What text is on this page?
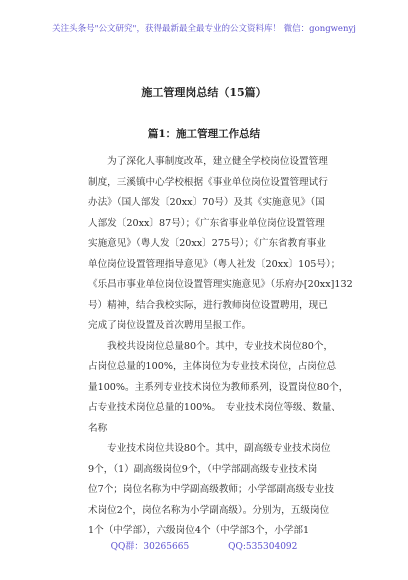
关注头条号"公文研究"，获得最新最全最专业的公文资料库！ 微信：gongwenyj
施工管理岗总结（15篇）
篇1：施工管理工作总结
　　为了深化人事制度改革，建立健全学校岗位设置管理
制度，三溪镇中心学校根据《事业单位岗位设置管理试行
办法》（国人部发〔20xx〕70号）及其《实施意见》（国
人部发〔20xx〕87号）；《广东省事业单位岗位设置管理
实施意见》（粤人发〔20xx〕275号）；《广东省教育事业
单位岗位设置管理指导意见》（粤人社发〔20xx〕105号）；
《乐昌市事业单位岗位设置管理实施意见》（乐府办[20xx]132
号）精神，结合我校实际，进行教师岗位设置聘用，现已
完成了岗位设置及首次聘用呈报工作。
　　我校共设岗位总量80个。其中，专业技术岗位80个，
占岗位总量的100%，主体岗位为专业技术岗位，占岗位总
量100%。主系列专业技术岗位为教师系列，设置岗位80个，
占专业技术岗位总量的100%。　专业技术岗位等级、数量、
名称
　　专业技术岗位共设80个。其中，副高级专业技术岗位
9个，（1）副高级岗位9个，（中学部副高级专业技术岗
位7个；岗位名称为中学副高级教师；小学部副高级专业技
术岗位2个，岗位名称为小学副高级）。分别为，五级岗位
1个（中学部），六级岗位4个（中学部3个，小学部1
QQ群：30265665	QQ:535304092
